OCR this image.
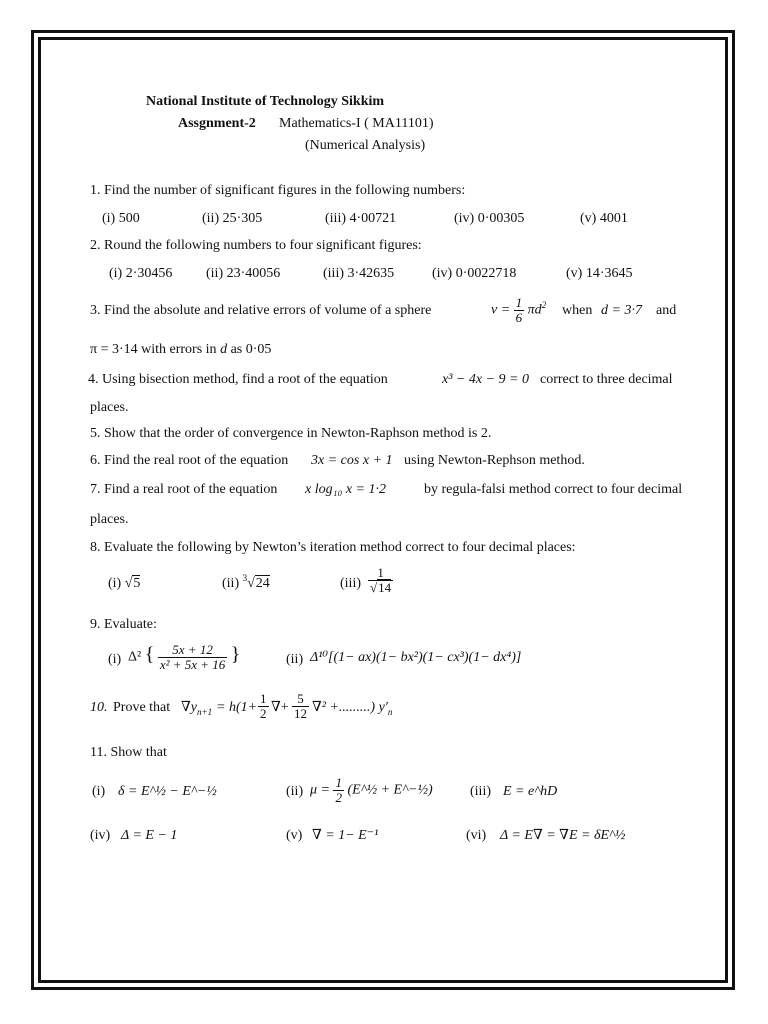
National Institute of Technology Sikkim
Assgnment-2 Mathematics-I ( MA11101)
(Numerical Analysis)
1. Find the number of significant figures in the following numbers:
(i) 500	(ii) 25·305	(iii) 4·00721	(iv) 0·00305	(v) 4001
2. Round the following numbers to four significant figures:
(i) 2·30456 (ii) 23·40056	(iii) 3·42635	(iv) 0·0022718	(v) 14·3645
3. Find the absolute and relative errors of volume of a sphere	$v = \frac{1}{6} \pi d^2$ when d = 3·7 and
π = 3·14 with errors in d as 0·05
4. Using bisection method, find a root of the equation	x³ − 4x − 9 = 0 correct to three decimal
places.
5. Show that the order of convergence in Newton-Raphson method is 2.
6. Find the real root of the equation 3x = cos x + 1 using Newton-Rephson method.
7. Find a real root of the equation x log₁₀ x = 1·2	by regula-falsi method correct to four decimal
places.
8. Evaluate the following by Newton’s iteration method correct to four decimal places:
(i) √5	(ii) $^3$√24	$(iii) \frac{1}{√14}$
9. Evaluate:
(i) Δ² { $\frac{5x + 12}{\text{x² + 5x + 16}}$ }	(ii) Δ¹⁰[(1− ax)(1− bx²)(1− cx³)(1− dx⁴)]
10. Prove that $\nabla y_{n+1} = h(1+ \frac{1}{2}$ ∇+ $\frac{5}{12} \nabla^2$ +.........) $y'_n$
11. Show that
(i) δ = E^½ − E^−½	(ii) $\mu = \frac{1}{2}$ (E^½ + E^−½)	(iii) E = e^hD
(iv) Δ = E − 1	(v) ∇ = 1− E⁻¹	(vi) Δ = E∇ = ∇E = δE^½
